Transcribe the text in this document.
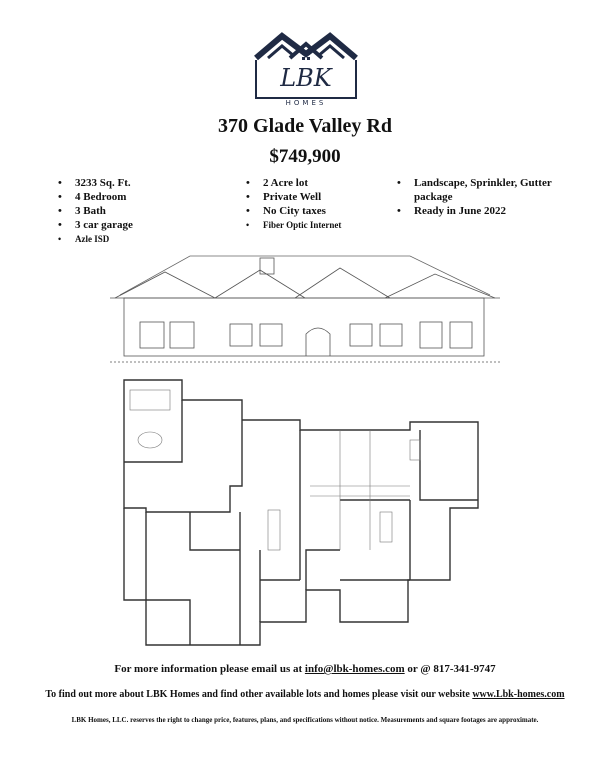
LBK
HOMES
370 Glade Valley Rd
$749,900
• 3233 Sq. Ft.
• 4 Bedroom
• 3 Bath
• 3 car garage
• Azle ISD
• 2 Acre lot
• Private Well
• No City taxes
• Fiber Optic Internet
• Landscape, Sprinkler, Gutter package
• Ready in June 2022
For more information please email us at info@lbk-homes.com or @ 817-341-9747
To find out more about LBK Homes and find other available lots and homes please visit our website www.Lbk-homes.com
LBK Homes, LLC. reserves the right to change price, features, plans, and specifications without notice. Measurements and square footages are approximate.
